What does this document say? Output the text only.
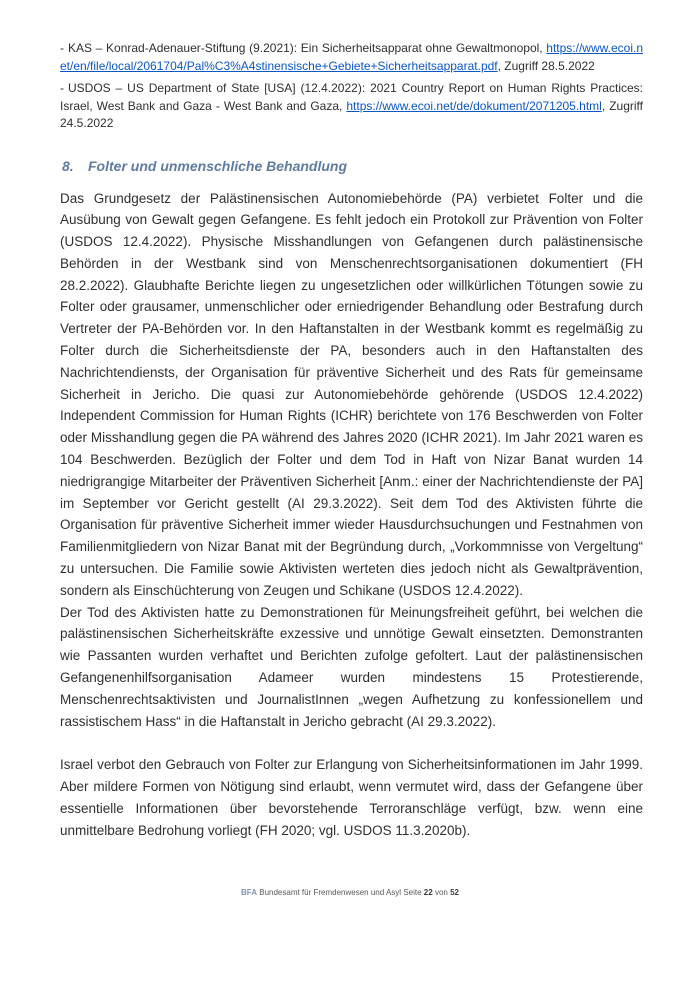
- KAS – Konrad-Adenauer-Stiftung (9.2021): Ein Sicherheitsapparat ohne Gewaltmonopol, https://www.ecoi.net/en/file/local/2061704/Pal%C3%A4stinensische+Gebiete+Sicherheitsapparat.pdf, Zugriff 28.5.2022
- USDOS – US Department of State [USA] (12.4.2022): 2021 Country Report on Human Rights Practices: Israel, West Bank and Gaza - West Bank and Gaza, https://www.ecoi.net/de/dokument/2071205.html, Zugriff 24.5.2022
8. Folter und unmenschliche Behandlung

Das Grundgesetz der Palästinensischen Autonomiebehörde (PA) verbietet Folter und die Ausübung von Gewalt gegen Gefangene. Es fehlt jedoch ein Protokoll zur Prävention von Folter (USDOS 12.4.2022). Physische Misshandlungen von Gefangenen durch palästinensische Behörden in der Westbank sind von Menschenrechtsorganisationen dokumentiert (FH 28.2.2022). Glaubhafte Berichte liegen zu ungesetzlichen oder willkürlichen Tötungen sowie zu Folter oder grausamer, unmenschlicher oder erniedrigender Behandlung oder Bestrafung durch Vertreter der PA-Behörden vor. In den Haftanstalten in der Westbank kommt es regelmäßig zu Folter durch die Sicherheitsdienste der PA, besonders auch in den Haftanstalten des Nachrichtendiensts, der Organisation für präventive Sicherheit und des Rats für gemeinsame Sicherheit in Jericho. Die quasi zur Autonomiebehörde gehörende (USDOS 12.4.2022) Independent Commission for Human Rights (ICHR) berichtete von 176 Beschwerden von Folter oder Misshandlung gegen die PA während des Jahres 2020 (ICHR 2021). Im Jahr 2021 waren es 104 Beschwerden. Bezüglich der Folter und dem Tod in Haft von Nizar Banat wurden 14 niedrigrangige Mitarbeiter der Präventiven Sicherheit [Anm.: einer der Nachrichtendienste der PA] im September vor Gericht gestellt (AI 29.3.2022). Seit dem Tod des Aktivisten führte die Organisation für präventive Sicherheit immer wieder Hausdurchsuchungen und Festnahmen von Familienmitgliedern von Nizar Banat mit der Begründung durch, „Vorkommnisse von Vergeltung“ zu untersuchen. Die Familie sowie Aktivisten werteten dies jedoch nicht als Gewaltprävention, sondern als Einschüchterung von Zeugen und Schikane (USDOS 12.4.2022).

Der Tod des Aktivisten hatte zu Demonstrationen für Meinungsfreiheit geführt, bei welchen die palästinensischen Sicherheitskräfte exzessive und unnötige Gewalt einsetzten. Demonstranten wie Passanten wurden verhaftet und Berichten zufolge gefoltert. Laut der palästinensischen Gefangenenhilfsorganisation Adameer wurden mindestens 15 Protestierende, Menschenrechtsaktivisten und JournalistInnen „wegen Aufhetzung zu konfessionellem und rassistischem Hass“ in die Haftanstalt in Jericho gebracht (AI 29.3.2022).

Israel verbot den Gebrauch von Folter zur Erlangung von Sicherheitsinformationen im Jahr 1999. Aber mildere Formen von Nötigung sind erlaubt, wenn vermutet wird, dass der Gefangene über essentielle Informationen über bevorstehende Terroranschläge verfügt, bzw. wenn eine unmittelbare Bedrohung vorliegt (FH 2020; vgl. USDOS 11.3.2020b).

BFA Bundesamt für Fremdenwesen und Asyl Seite 22 von 52
